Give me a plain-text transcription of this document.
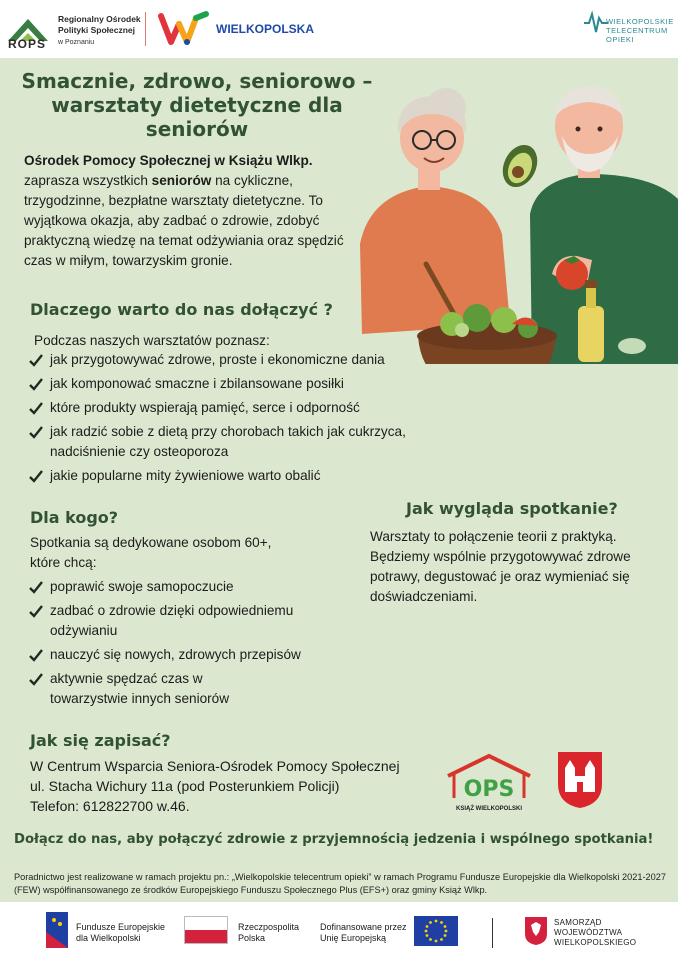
ROPS
Regionalny Ośrodek Polityki Społecznej
w Poznaniu
WIELKOPOLSKA
WIELKOPOLSKIE
TELECENTRUM
OPIEKI
Smacznie, zdrowo, seniorowo – warsztaty dietetyczne dla seniorów
Ośrodek Pomocy Społecznej w Książu Wlkp. zaprasza wszystkich seniorów na cykliczne, trzygodzinne, bezpłatne warsztaty dietetyczne. To wyjątkowa okazja, aby zadbać o zdrowie, zdobyć praktyczną wiedzę na temat odżywiania oraz spędzić czas w miłym, towarzyskim gronie.
Dlaczego warto do nas dołączyć ?
Podczas naszych warsztatów poznasz:
jak przygotowywać zdrowe, proste i ekonomiczne dania
jak komponować smaczne i zbilansowane posiłki
które produkty wspierają pamięć, serce i odporność
jak radzić sobie z dietą przy chorobach takich jak cukrzyca, nadciśnienie czy osteoporoza
jakie popularne mity żywieniowe warto obalić
Dla kogo?
Spotkania są dedykowane osobom 60+, które chcą:
poprawić swoje samopoczucie
zadbać o zdrowie dzięki odpowiedniemu odżywianiu
nauczyć się nowych, zdrowych przepisów
aktywnie spędzać czas w towarzystwie innych seniorów
Jak wygląda spotkanie?
Warsztaty to połączenie teorii z praktyką. Będziemy wspólnie przygotowywać zdrowe potrawy, degustować je oraz wymieniać się doświadczeniami.
Jak się zapisać?
W Centrum Wsparcia Seniora-Ośrodek Pomocy Społecznej
ul. Stacha Wichury 11a (pod Posterunkiem Policji)
Telefon: 612822700 w.46.
OPS
KSIĄŻ WIELKOPOLSKI
Dołącz do nas, aby połączyć zdrowie z przyjemnością jedzenia i wspólnego spotkania!
Poradnictwo jest realizowane w ramach projektu pn.: „Wielkopolskie telecentrum opieki” w ramach Programu Fundusze Europejskie dla Wielkopolski 2021-2027 (FEW) współfinansowanego ze środków Europejskiego Funduszu Społecznego Plus (EFS+) oraz gminy Książ Wlkp.
Fundusze Europejskie
dla Wielkopolski
Rzeczpospolita
Polska
Dofinansowane przez
Unię Europejską
SAMORZĄD
WOJEWÓDZTWA
WIELKOPOLSKIEGO
